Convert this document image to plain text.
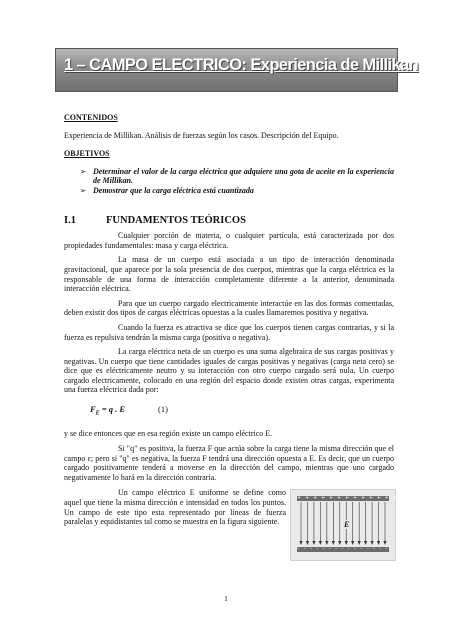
1 – CAMPO ELECTRICO: Experiencia de Millikan

CONTENIDOS

Experiencia de Millikan. Análisis de fuerzas según los casos. Descripción del Equipo.

OBJETIVOS

➢ Determinar el valor de la carga eléctrica que adquiere una gota de aceite en la experiencia de Millikan.
➢ Demostrar que la carga eléctrica está cuantizada
I.1	FUNDAMENTOS TEÓRICOS

Cualquier porción de materia, o cualquier partícula, está caracterizada por dos propiedades fundamentales: masa y carga eléctrica.

La masa de un cuerpo está asociada a un tipo de interacción denominada gravitacional, que aparece por la sola presencia de dos cuerpos, mientras que la carga eléctrica es la responsable de una forma de interacción completamente diferente a la anterior, denominada interacción eléctrica.

Para que un cuerpo cargado electricamente interactúe en las dos formas comentadas, deben existir dos tipos de cargas eléctricas opuestas a la cuales llamaremos positiva y negativa.

Cuando la fuerza es atractiva se dice que los cuerpos tienen cargas contrarias, y si la fuerza es repulsiva tendrán la misma carga (positiva o negativa).

La carga eléctrica neta de un cuerpo es una suma algebraica de sus cargas positivas y negativas. Un cuerpo que tiene cantidades iguales de cargas positivas y negativas (carga neta cero) se dice que es eléctricamente neutro y su interacción con otro cuerpo cargado será nula. Un cuerpo cargado electricamente, colocado en una región del espacio donde existen otras cargas, experimenta una fuerza eléctrica dada por:

$F_E = q$ . E	(1)

y se dice entonces que en esa región existe un campo eléctrico E.

Si "q" es positiva, la fuerza F que actúa sobre la carga tiene la misma dirección que el campo ε; pero si "q" es negativa, la fuerza F tendrá una dirección opuesta a E. Es decir, que un cuerpo cargado positivamente tenderá a moverse en la dirección del campo, mientras que uno cargado negativamente lo hará en la dirección contraria.

Un campo eléctrico E uniforme se define como aquel que tiene la misma dirección e intensidad en todos los puntos. Un campo de este tipo esta representado por líneas de fuerza paralelas y equidistantes tal como se muestra en la figura siguiente.

+ + + + + + + + + + + + + + +
– – – – – – – – – – – – – – –
E
1
